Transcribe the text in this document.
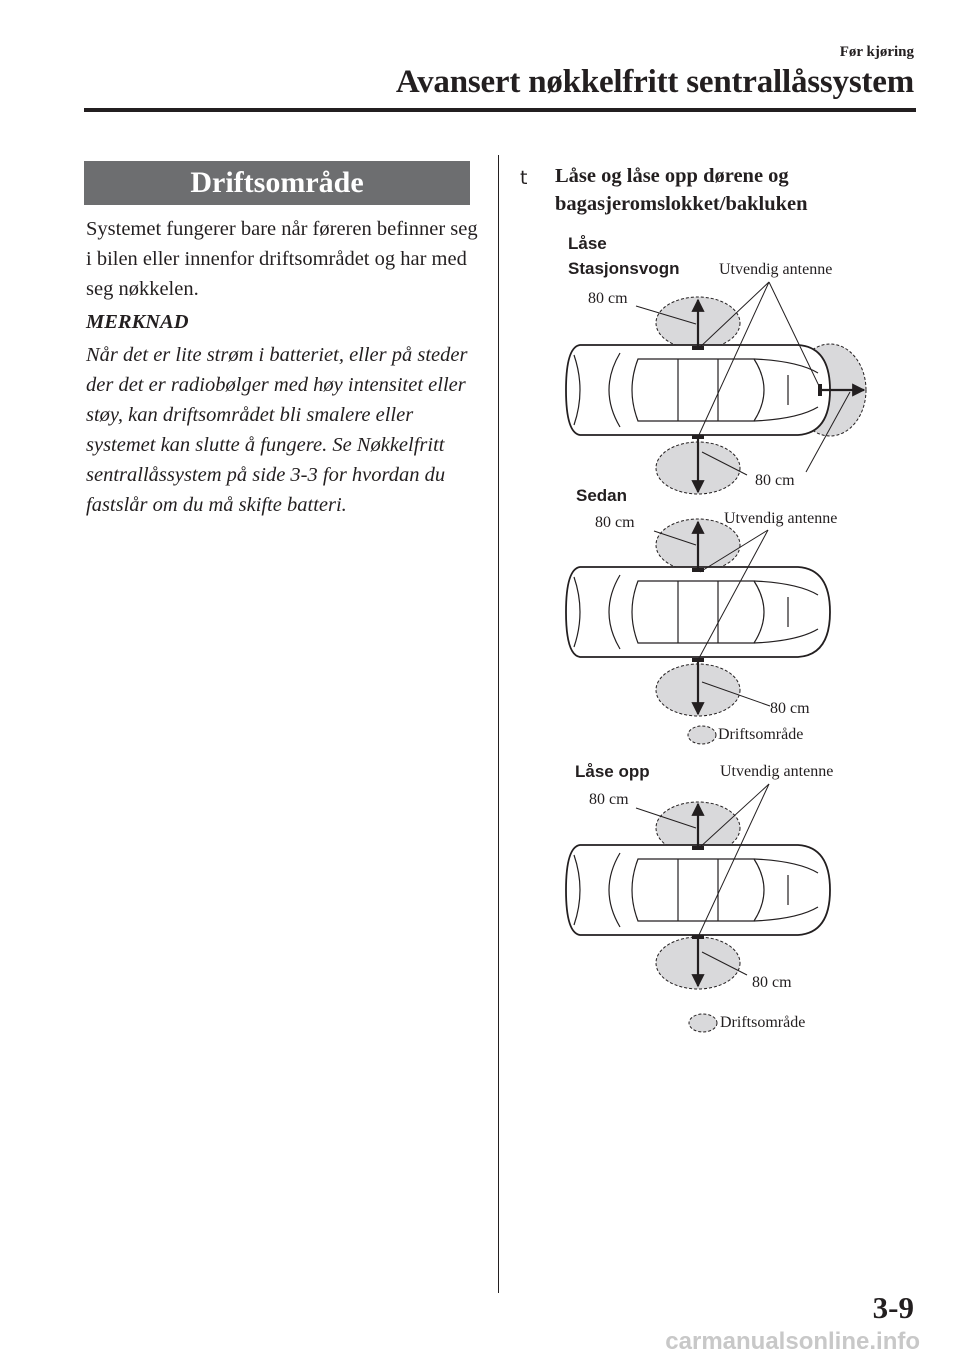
Før kjøring
Avansert nøkkelfritt sentrallåssystem
Driftsområde

Systemet fungerer bare når føreren befinner seg i bilen eller innenfor driftsområdet og har med seg nøkkelen.

MERKNAD

Når det er lite strøm i batteriet, eller på steder der det er radiobølger med høy intensitet eller støy, kan driftsområdet bli smalere eller systemet kan slutte å fungere. Se Nøkkelfritt sentrallåssystem på side 3-3 for hvordan du fastslår om du må skifte batteri.

t Låse og låse opp dørene og bagasjeromslokket/bakluken

Låse
Stasjonsvogn Utvendig antenne
80 cm
80 cm
Sedan
80 cm	Utvendig antenne
80 cm
Driftsområde
Låse opp	Utvendig antenne
80 cm
80 cm
Driftsområde
3-9
carmanualsonline.info
